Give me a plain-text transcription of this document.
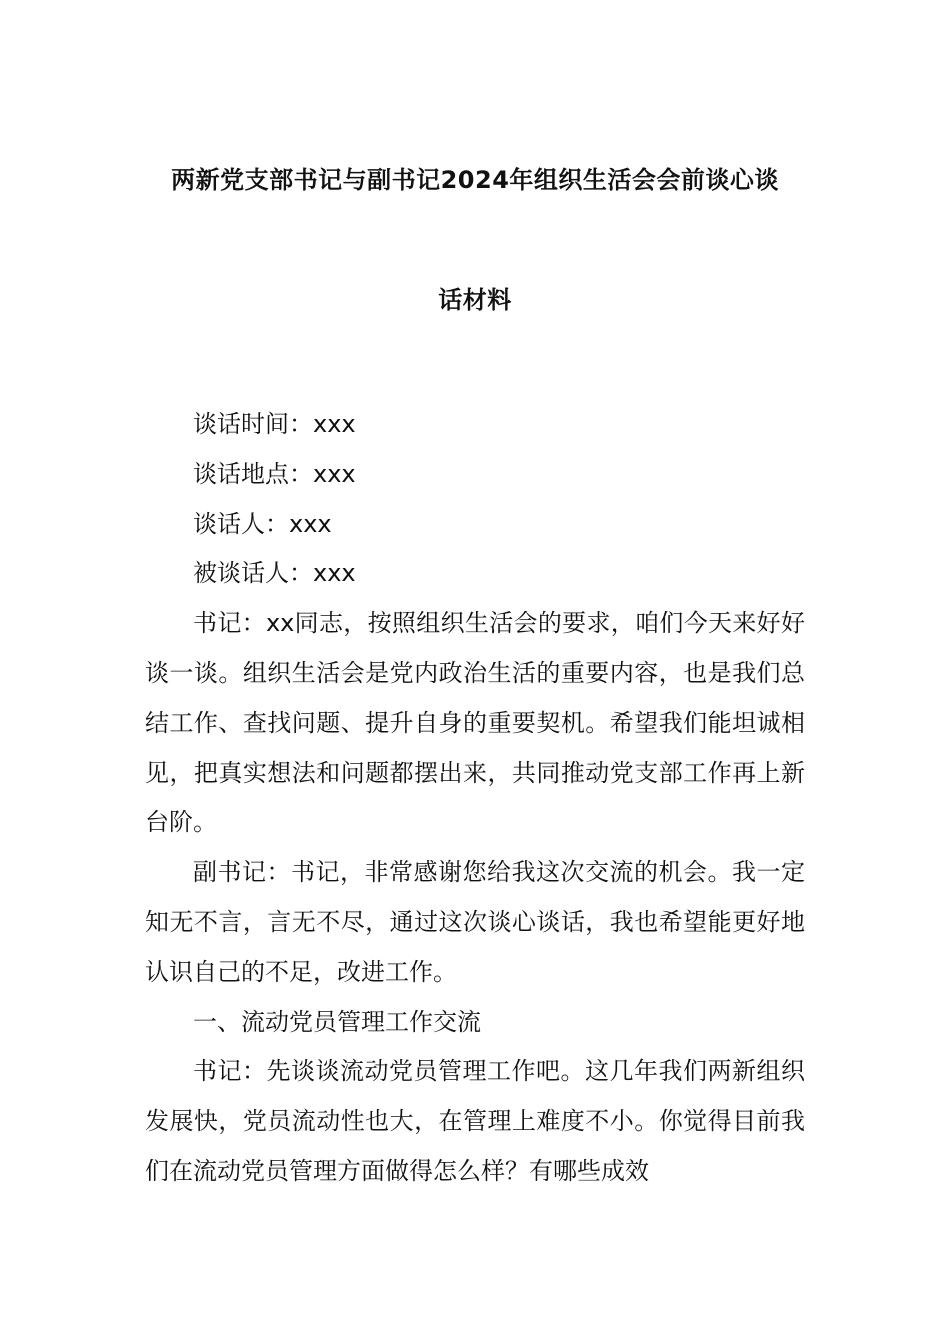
两新党支部书记与副书记2024年组织生活会会前谈心谈
话材料

谈话时间：xxx

谈话地点：xxx

谈话人：xxx

被谈话人：xxx

书记：xx同志，按照组织生活会的要求，咱们今天来好好谈一谈。组织生活会是党内政治生活的重要内容，也是我们总结工作、查找问题、提升自身的重要契机。希望我们能坦诚相见，把真实想法和问题都摆出来，共同推动党支部工作再上新台阶。

副书记：书记，非常感谢您给我这次交流的机会。我一定知无不言，言无不尽，通过这次谈心谈话，我也希望能更好地认识自己的不足，改进工作。

一、流动党员管理工作交流

书记：先谈谈流动党员管理工作吧。这几年我们两新组织发展快，党员流动性也大，在管理上难度不小。你觉得目前我们在流动党员管理方面做得怎么样？有哪些成效
